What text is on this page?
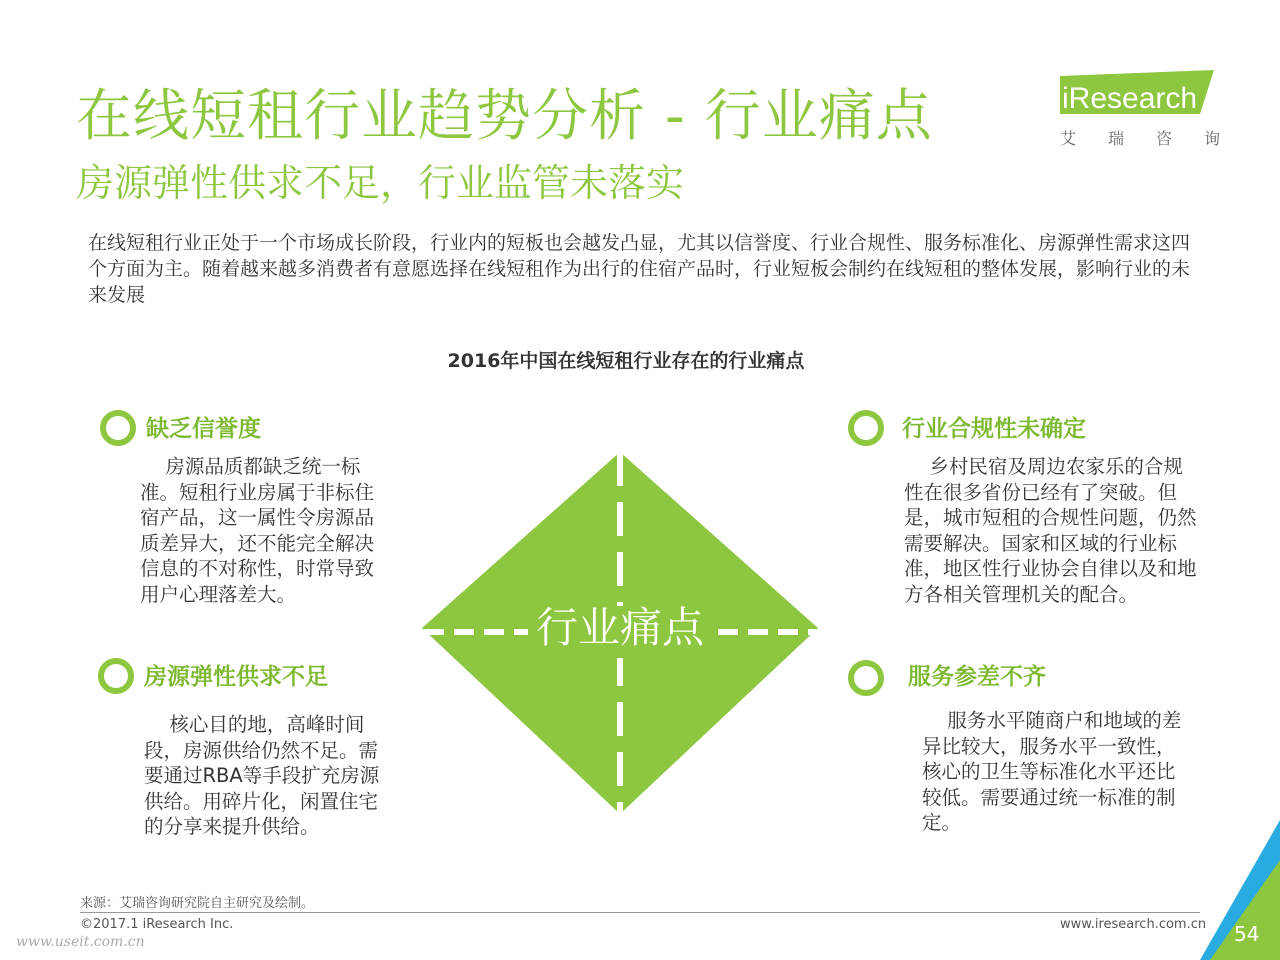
在线短租行业趋势分析 - 行业痛点
房源弹性供求不足，行业监管未落实
iResearch
艾 瑞 咨 询
在线短租行业正处于一个市场成长阶段，行业内的短板也会越发凸显，尤其以信誉度、行业合规性、服务标准化、房源弹性需求这四个方面为主。随着越来越多消费者有意愿选择在线短租作为出行的住宿产品时，行业短板会制约在线短租的整体发展，影响行业的未来发展
2016年中国在线短租行业存在的行业痛点
行业痛点
缺乏信誉度
房源品质都缺乏统一标准。短租行业房属于非标住宿产品，这一属性令房源品质差异大，还不能完全解决信息的不对称性，时常导致用户心理落差大。
行业合规性未确定
乡村民宿及周边农家乐的合规性在很多省份已经有了突破。但是，城市短租的合规性问题，仍然需要解决。国家和区域的行业标准，地区性行业协会自律以及和地方各相关管理机关的配合。
房源弹性供求不足
核心目的地，高峰时间段，房源供给仍然不足。需要通过RBA等手段扩充房源供给。用碎片化，闲置住宅的分享来提升供给。
服务参差不齐
服务水平随商户和地域的差异比较大，服务水平一致性，核心的卫生等标准化水平还比较低。需要通过统一标准的制定。
来源：艾瑞咨询研究院自主研究及绘制。
©2017.1 iResearch Inc.	www.iresearch.com.cn
www.useit.com.cn	54
